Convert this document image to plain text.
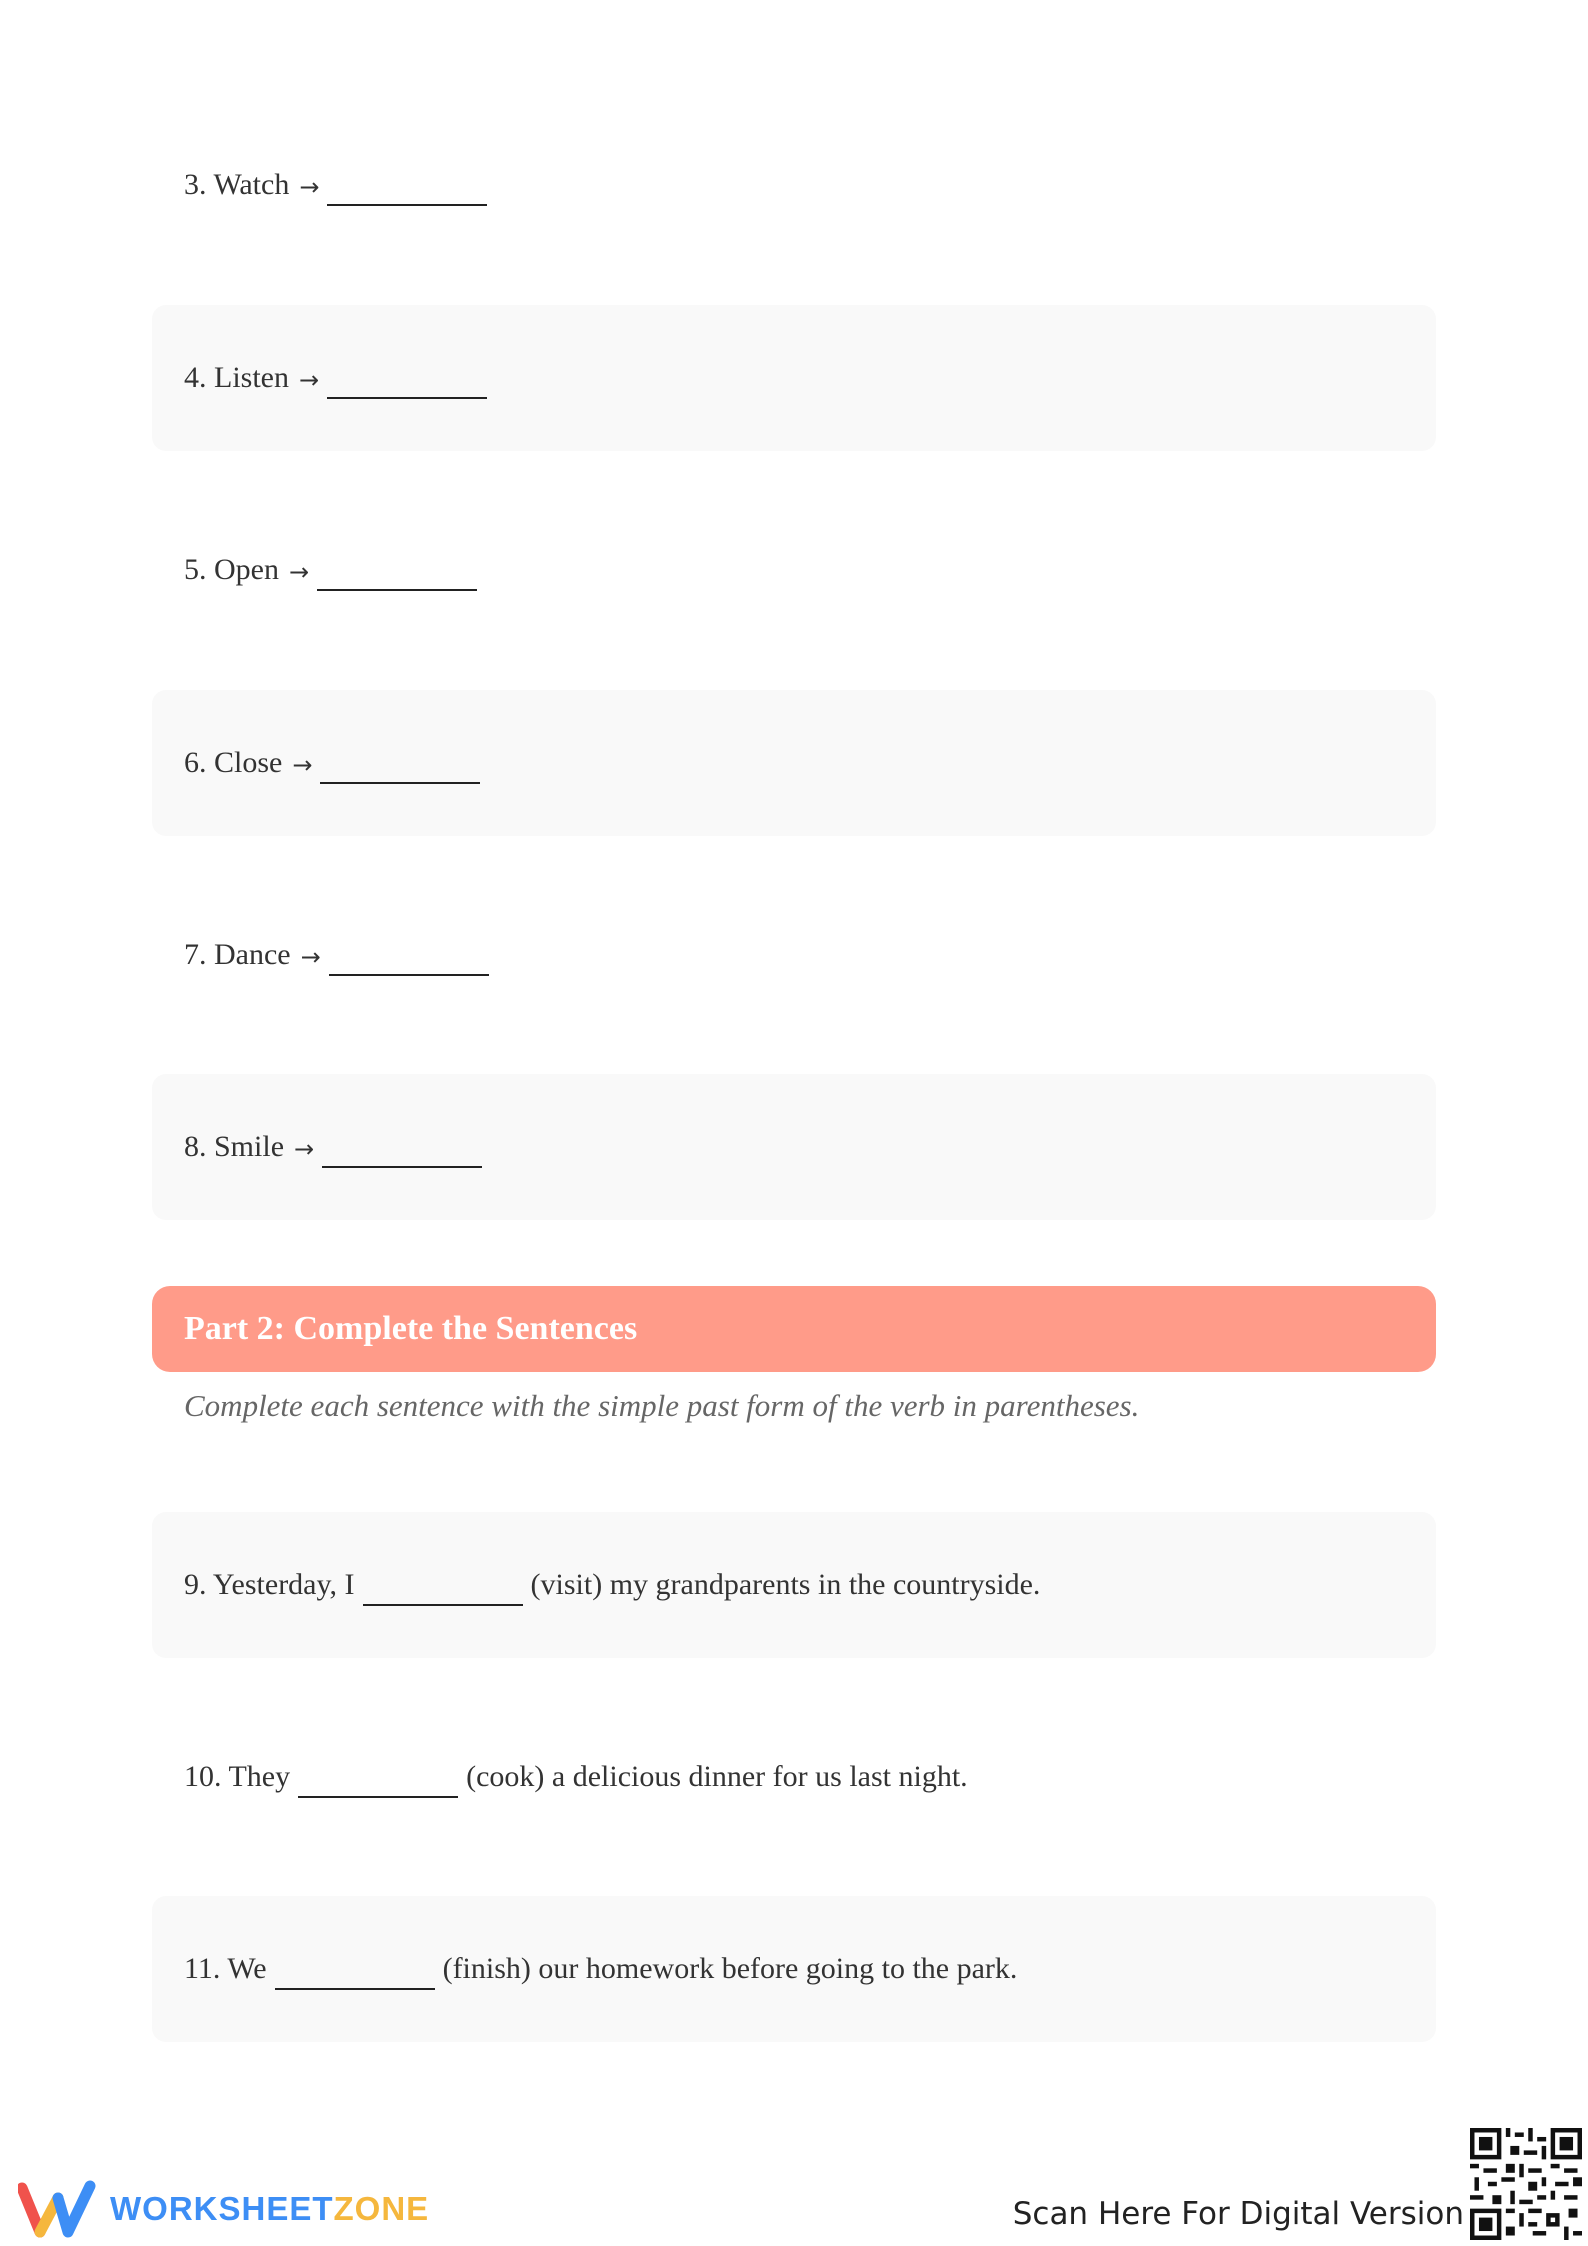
3. Watch →
4. Listen →
5. Open →
6. Close →
7. Dance →
8. Smile →
Part 2: Complete the Sentences
Complete each sentence with the simple past form of the verb in parentheses.
9. Yesterday, I	(visit) my grandparents in the countryside.
10. They	(cook) a delicious dinner for us last night.
11. We	(finish) our homework before going to the park.
WORKSHEETZONE	Scan Here For Digital Version
